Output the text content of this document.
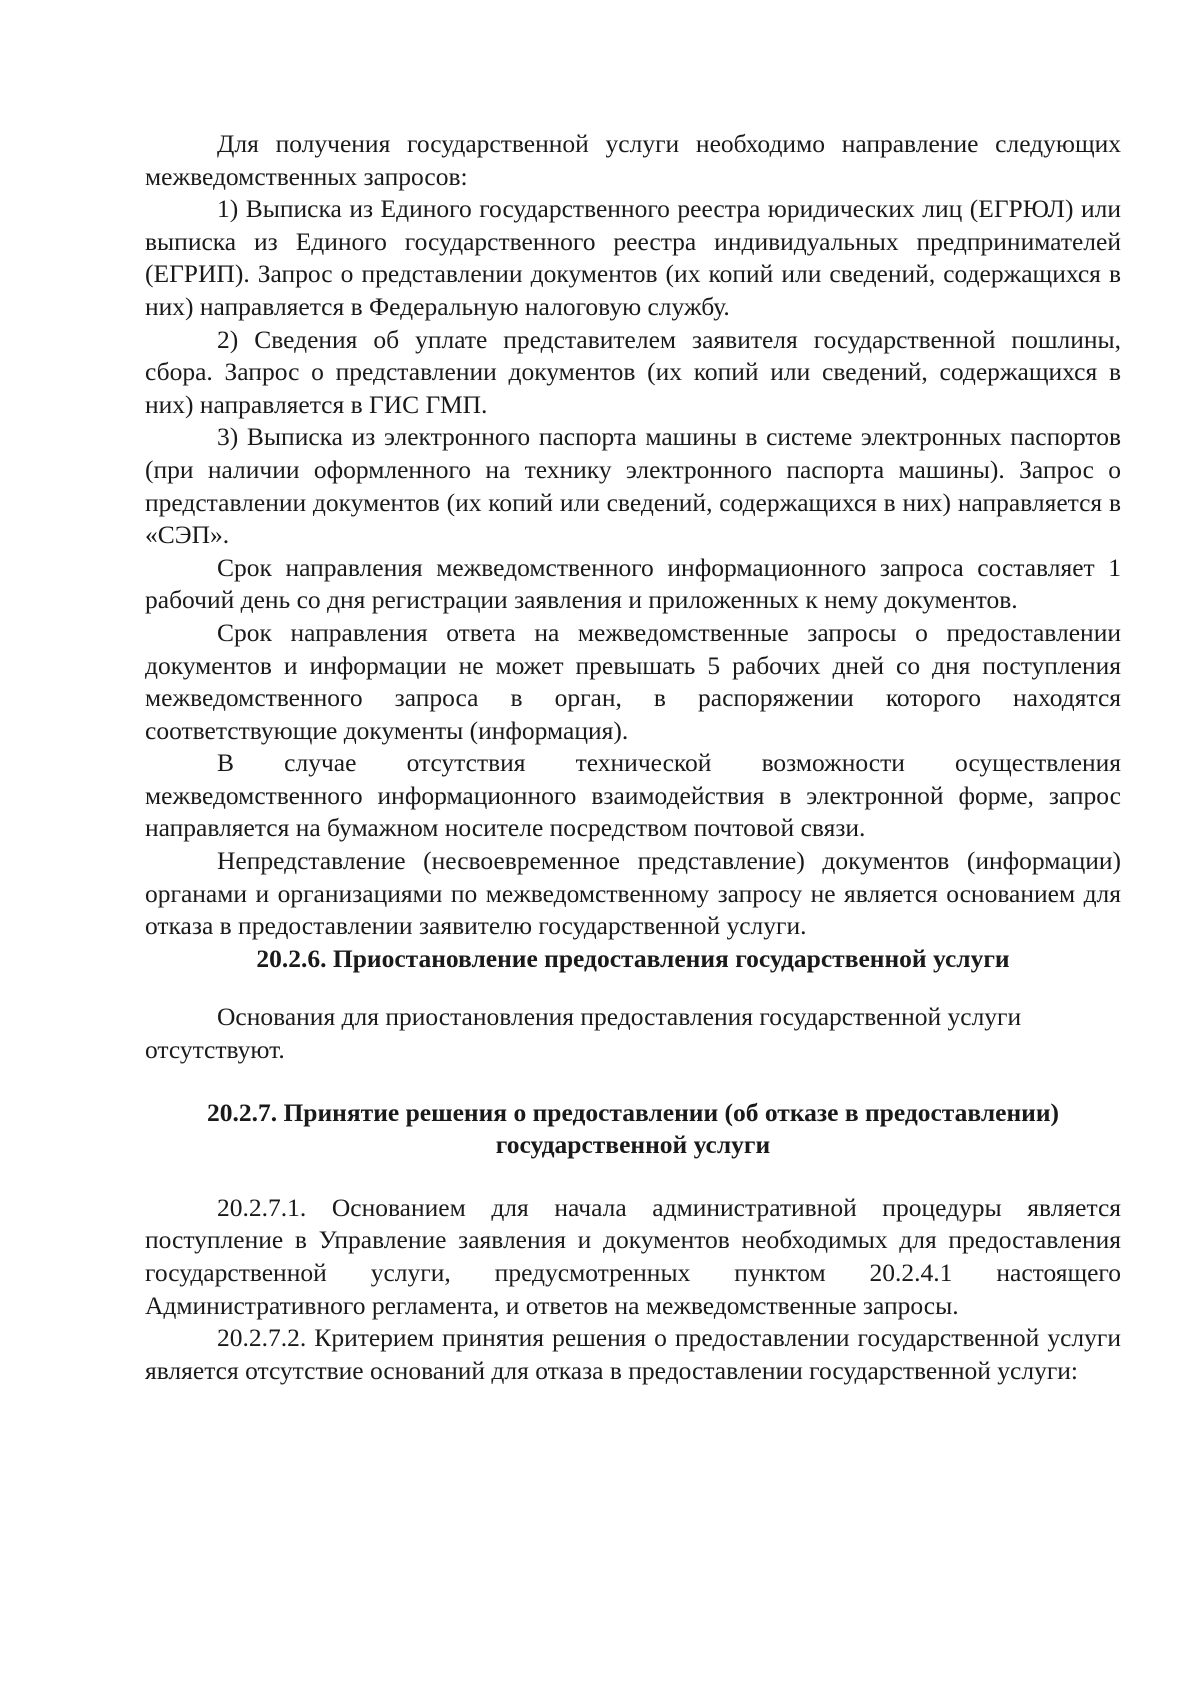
Для получения государственной услуги необходимо направление следующих межведомственных запросов:

1) Выписка из Единого государственного реестра юридических лиц (ЕГРЮЛ) или выписка из Единого государственного реестра индивидуальных предпринимателей (ЕГРИП). Запрос о представлении документов (их копий или сведений, содержащихся в них) направляется в Федеральную налоговую службу.

2) Сведения об уплате представителем заявителя государственной пошлины, сбора. Запрос о представлении документов (их копий или сведений, содержащихся в них) направляется в ГИС ГМП.

3) Выписка из электронного паспорта машины в системе электронных паспортов (при наличии оформленного на технику электронного паспорта машины). Запрос о представлении документов (их копий или сведений, содержащихся в них) направляется в «СЭП».

Срок направления межведомственного информационного запроса составляет 1 рабочий день со дня регистрации заявления и приложенных к нему документов.

Срок направления ответа на межведомственные запросы о предоставлении документов и информации не может превышать 5 рабочих дней со дня поступления межведомственного запроса в орган, в распоряжении которого находятся соответствующие документы (информация).

В случае отсутствия технической возможности осуществления межведомственного информационного взаимодействия в электронной форме, запрос направляется на бумажном носителе посредством почтовой связи.

Непредставление (несвоевременное представление) документов (информации) органами и организациями по межведомственному запросу не является основанием для отказа в предоставлении заявителю государственной услуги.

20.2.6. Приостановление предоставления государственной услуги

Основания для приостановления предоставления государственной услуги отсутствуют.

20.2.7. Принятие решения о предоставлении (об отказе в предоставлении)
государственной услуги

20.2.7.1. Основанием для начала административной процедуры является поступление в Управление заявления и документов необходимых для предоставления государственной услуги, предусмотренных пунктом 20.2.4.1 настоящего Административного регламента, и ответов на межведомственные запросы.

20.2.7.2. Критерием принятия решения о предоставлении государственной услуги является отсутствие оснований для отказа в предоставлении государственной услуги:
